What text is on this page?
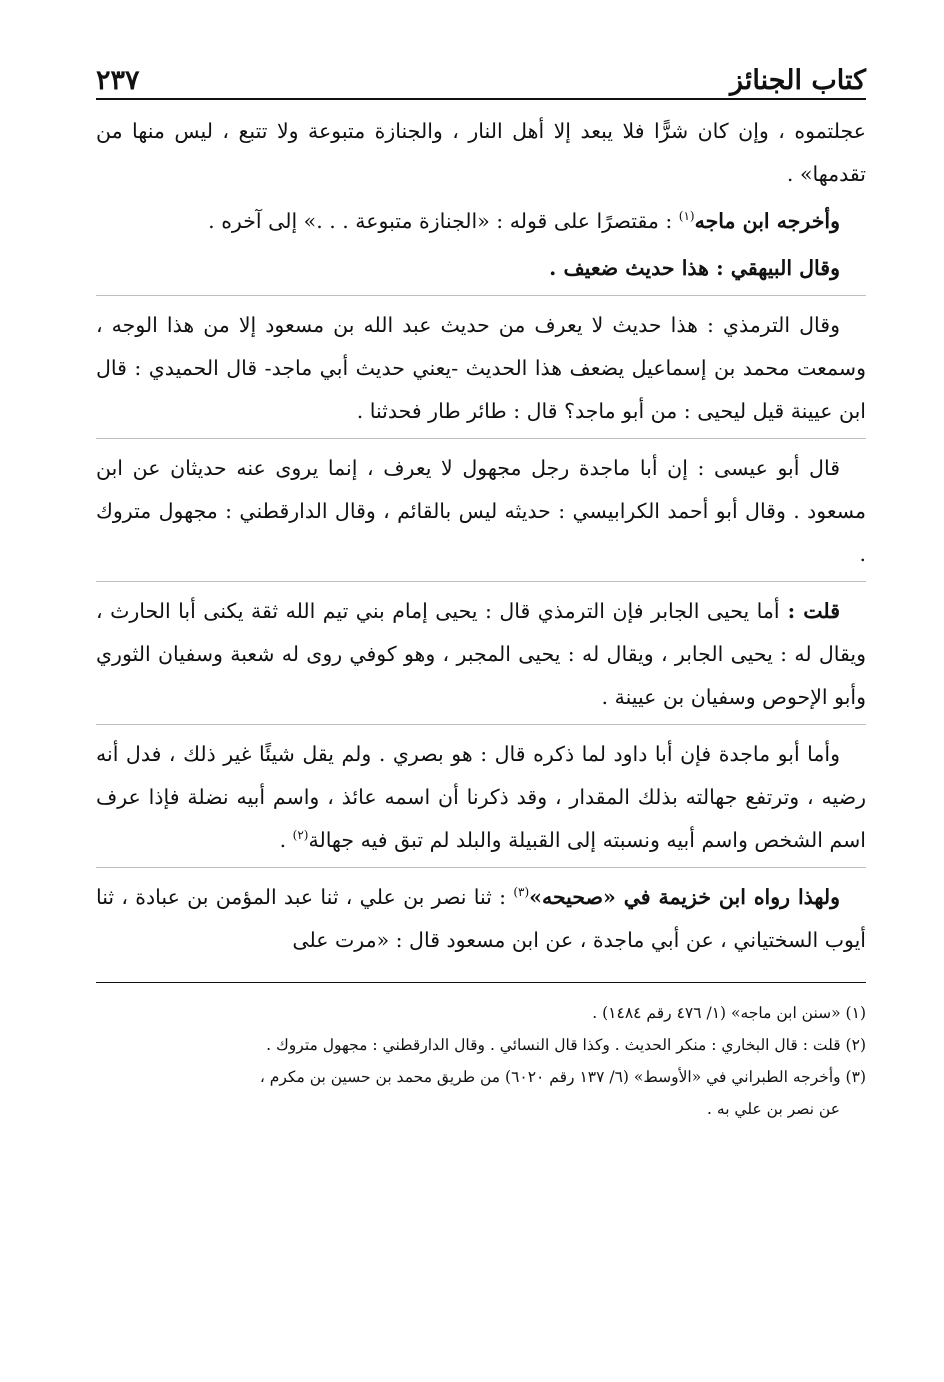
كتاب الجنائز
٢٣٧

عجلتموه ، وإن كان شرًّا فلا يبعد إلا أهل النار ، والجنازة متبوعة ولا تتبع ، ليس منها من تقدمها» .

وأخرجه ابن ماجه$^{(١)}$ : مقتصرًا على قوله : «الجنازة متبوعة . . .» إلى آخره .

وقال البيهقي : هذا حديث ضعيف .

وقال الترمذي : هذا حديث لا يعرف من حديث عبد الله بن مسعود إلا من هذا الوجه ، وسمعت محمد بن إسماعيل يضعف هذا الحديث -يعني حديث أبي ماجد- قال الحميدي : قال ابن عيينة قيل ليحيى : من أبو ماجد؟ قال : طائر طار فحدثنا .

قال أبو عيسى : إن أبا ماجدة رجل مجهول لا يعرف ، إنما يروى عنه حديثان عن ابن مسعود . وقال أبو أحمد الكرابيسي : حديثه ليس بالقائم ، وقال الدارقطني : مجهول متروك .

قلت : أما يحيى الجابر فإن الترمذي قال : يحيى إمام بني تيم الله ثقة يكنى أبا الحارث ، ويقال له : يحيى الجابر ، ويقال له : يحيى المجبر ، وهو كوفي روى له شعبة وسفيان الثوري وأبو الإحوص وسفيان بن عيينة .

وأما أبو ماجدة فإن أبا داود لما ذكره قال : هو بصري . ولم يقل شيئًا غير ذلك ، فدل أنه رضيه ، وترتفع جهالته بذلك المقدار ، وقد ذكرنا أن اسمه عائذ ، واسم أبيه نضلة فإذا عرف اسم الشخص واسم أبيه ونسبته إلى القبيلة والبلد لم تبق فيه جهالة$^{(٢)}$ .

ولهذا رواه ابن خزيمة في «صحيحه»$^{(٣)}$ : ثنا نصر بن علي ، ثنا عبد المؤمن بن عبادة ، ثنا أيوب السختياني ، عن أبي ماجدة ، عن ابن مسعود قال : «مرت على

(١) «سنن ابن ماجه» (١/ ٤٧٦ رقم ١٤٨٤) .

(٢) قلت : قال البخاري : منكر الحديث . وكذا قال النسائي . وقال الدارقطني : مجهول متروك .

(٣) وأخرجه الطبراني في «الأوسط» (٦/ ١٣٧ رقم ٦٠٢٠) من طريق محمد بن حسين بن مكرم ،

عن نصر بن علي به .
